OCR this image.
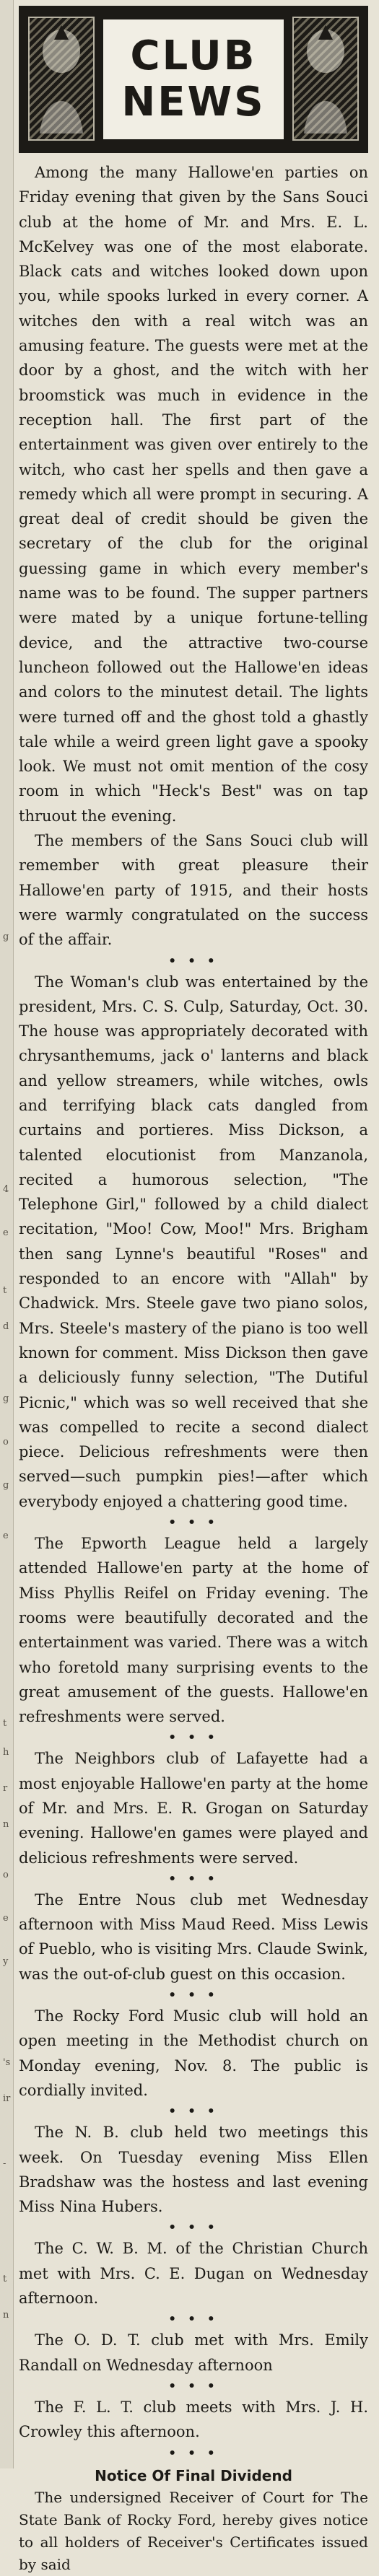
g
4
e
t
d
g
o
g
e
t
h
r
n
o
e
y
's
ir
-
t
n
CLUB
NEWS

Among the many Hallowe'en parties on Friday evening that given by the Sans Souci club at the home of Mr. and Mrs. E. L. McKelvey was one of the most elaborate. Black cats and witches looked down upon you, while spooks lurked in every corner. A witches den with a real witch was an amusing feature. The guests were met at the door by a ghost, and the witch with her broomstick was much in evidence in the reception hall. The first part of the entertainment was given over entirely to the witch, who cast her spells and then gave a remedy which all were prompt in securing. A great deal of credit should be given the secretary of the club for the original guessing game in which every member's name was to be found. The supper partners were mated by a unique fortune-telling device, and the attractive two-course luncheon followed out the Hallowe'en ideas and colors to the minutest detail. The lights were turned off and the ghost told a ghastly tale while a weird green light gave a spooky look. We must not omit mention of the cosy room in which "Heck's Best" was on tap thruout the evening.

The members of the Sans Souci club will remember with great pleasure their Hallowe'en party of 1915, and their hosts were warmly congratulated on the success of the affair.

• • •

The Woman's club was entertained by the president, Mrs. C. S. Culp, Saturday, Oct. 30. The house was appropriately decorated with chrysanthemums, jack o' lanterns and black and yellow streamers, while witches, owls and terrifying black cats dangled from curtains and portieres. Miss Dickson, a talented elocutionist from Manzanola, recited a humorous selection, "The Telephone Girl," followed by a child dialect recitation, "Moo! Cow, Moo!" Mrs. Brigham then sang Lynne's beautiful "Roses" and responded to an encore with "Allah" by Chadwick. Mrs. Steele gave two piano solos, Mrs. Steele's mastery of the piano is too well known for comment. Miss Dickson then gave a deliciously funny selection, "The Dutiful Picnic," which was so well received that she was compelled to recite a second dialect piece. Delicious refreshments were then served—such pumpkin pies!—after which everybody enjoyed a chattering good time.

• • •

The Epworth League held a largely attended Hallowe'en party at the home of Miss Phyllis Reifel on Friday evening. The rooms were beautifully decorated and the entertainment was varied. There was a witch who foretold many surprising events to the great amusement of the guests. Hallowe'en refreshments were served.

• • •

The Neighbors club of Lafayette had a most enjoyable Hallowe'en party at the home of Mr. and Mrs. E. R. Grogan on Saturday evening. Hallowe'en games were played and delicious refreshments were served.

• • •

The Entre Nous club met Wednesday afternoon with Miss Maud Reed. Miss Lewis of Pueblo, who is visiting Mrs. Claude Swink, was the out-of-club guest on this occasion.

• • •

The Rocky Ford Music club will hold an open meeting in the Methodist church on Monday evening, Nov. 8. The public is cordially invited.

• • •

The N. B. club held two meetings this week. On Tuesday evening Miss Ellen Bradshaw was the hostess and last evening Miss Nina Hubers.

• • •

The C. W. B. M. of the Christian Church met with Mrs. C. E. Dugan on Wednesday afternoon.

• • •

The O. D. T. club met with Mrs. Emily Randall on Wednesday afternoon

• • •

The F. L. T. club meets with Mrs. J. H. Crowley this afternoon.

• • •
Notice Of Final Dividend

The undersigned Receiver of Court for The State Bank of Rocky Ford, hereby gives notice to all holders of Receiver's Certificates issued by said
